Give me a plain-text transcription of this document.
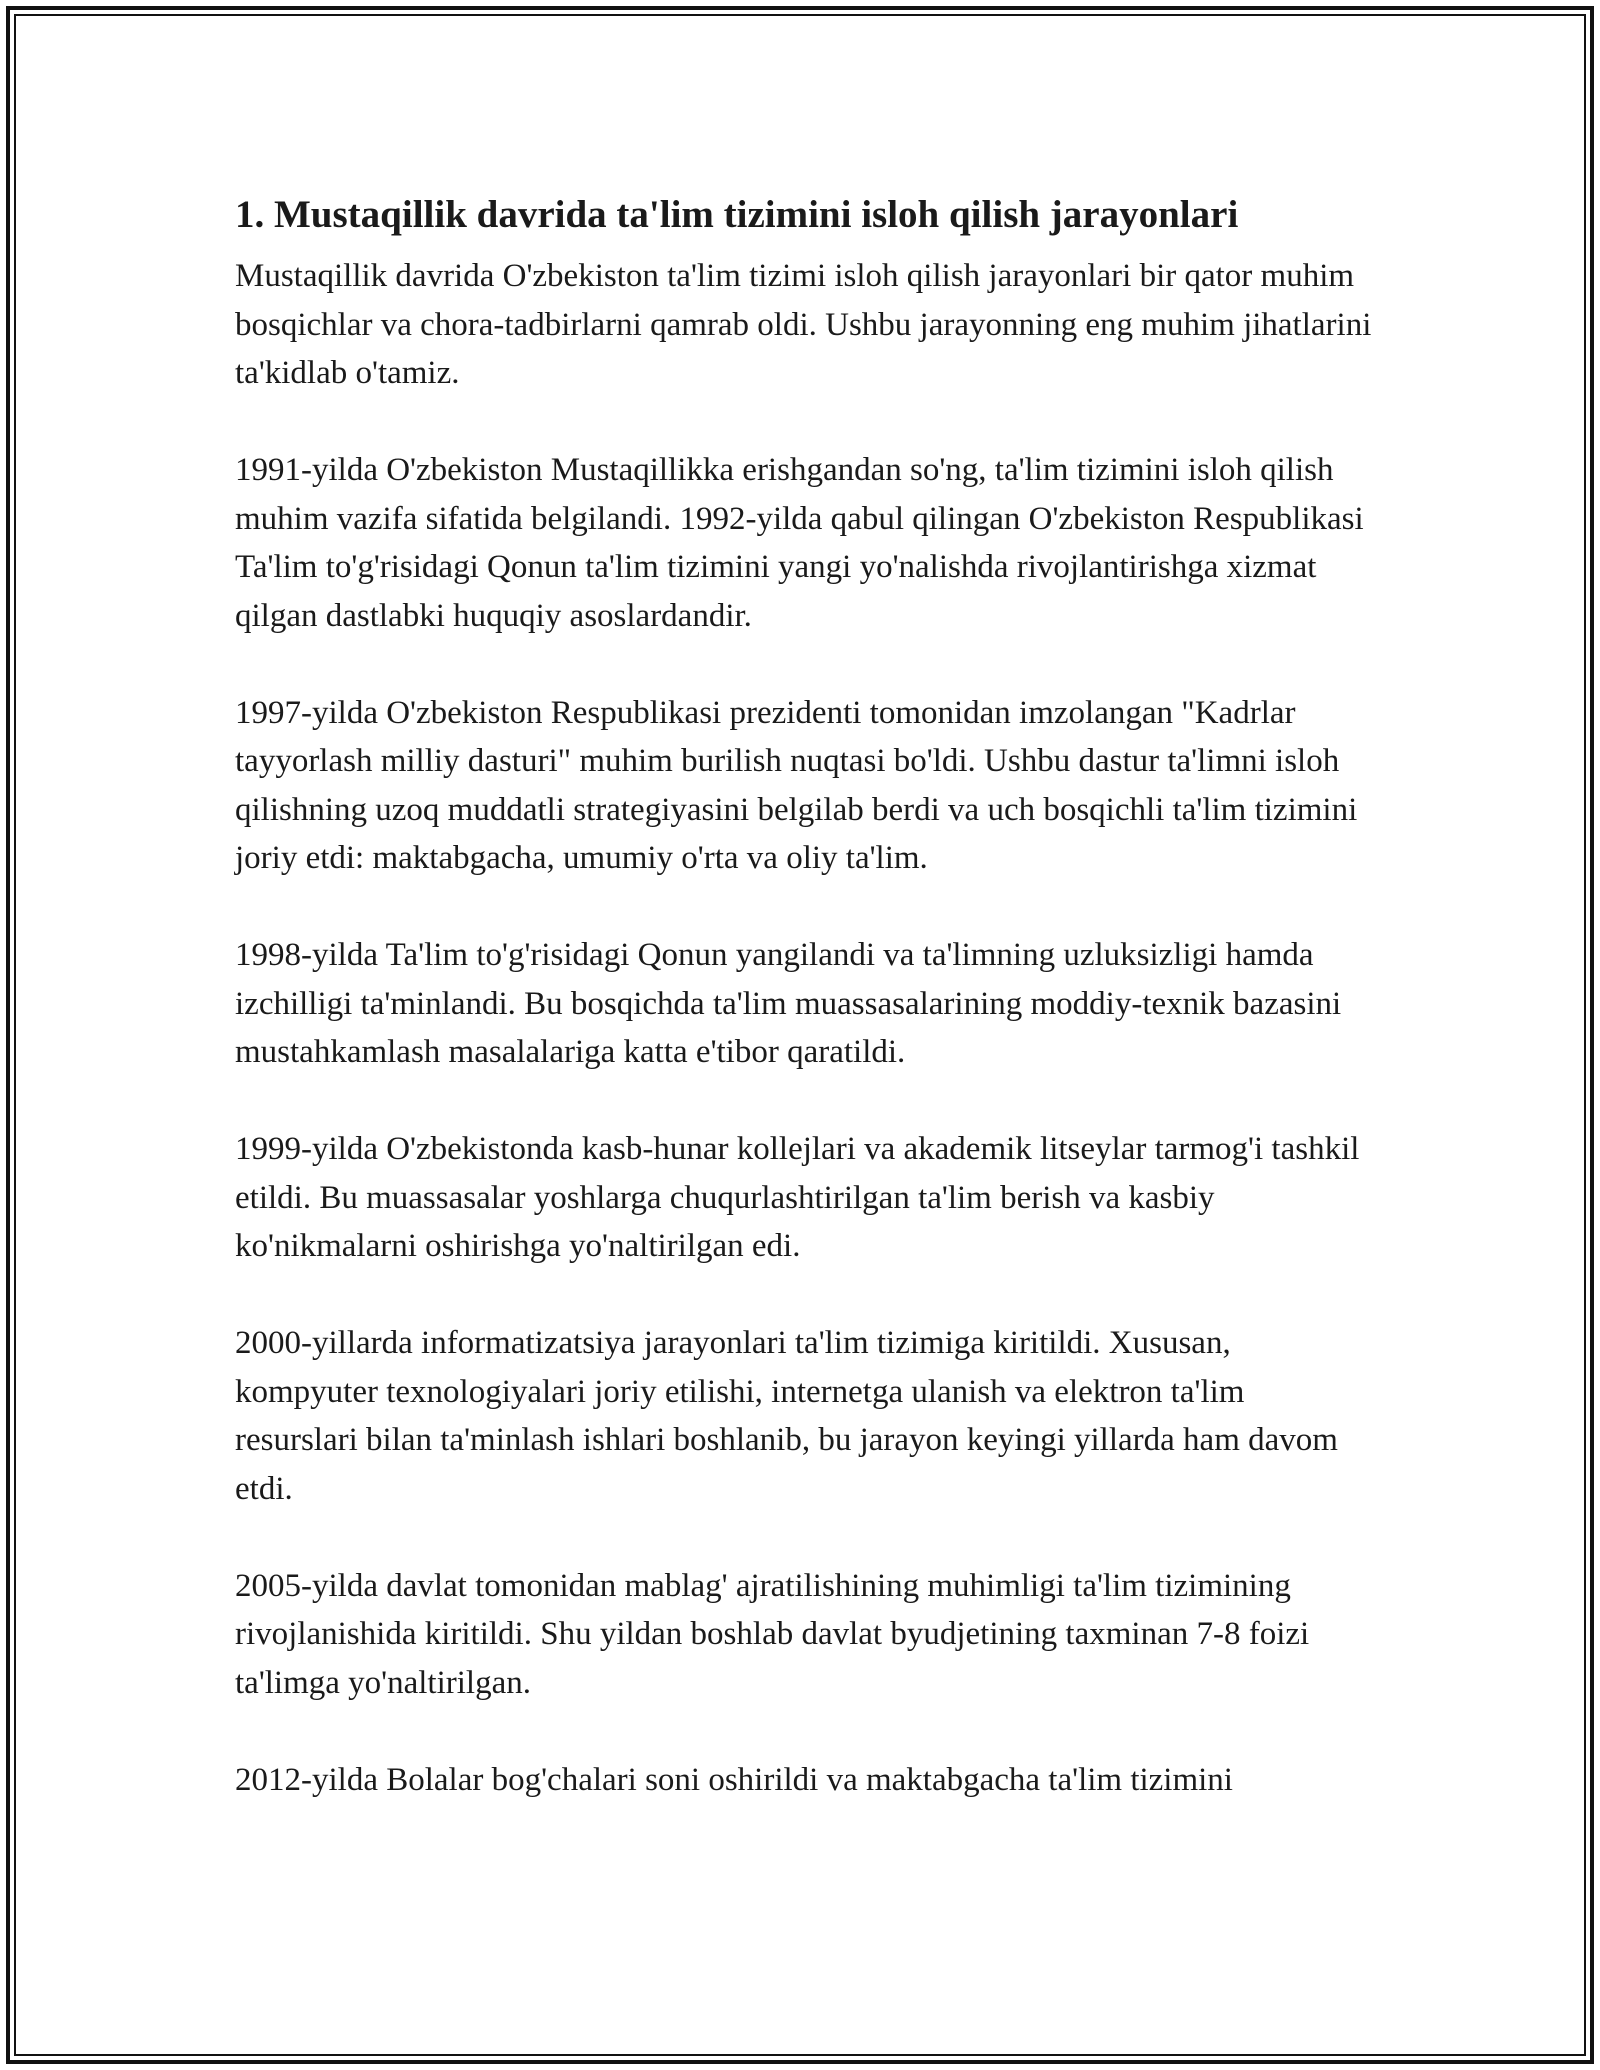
1. Mustaqillik davrida ta'lim tizimini isloh qilish jarayonlari

Mustaqillik davrida O'zbekiston ta'lim tizimi isloh qilish jarayonlari bir qator muhim bosqichlar va chora-tadbirlarni qamrab oldi. Ushbu jarayonning eng muhim jihatlarini ta'kidlab o'tamiz.

1991-yilda O'zbekiston Mustaqillikka erishgandan so'ng, ta'lim tizimini isloh qilish muhim vazifa sifatida belgilandi. 1992-yilda qabul qilingan O'zbekiston Respublikasi Ta'lim to'g'risidagi Qonun ta'lim tizimini yangi yo'nalishda rivojlantirishga xizmat qilgan dastlabki huquqiy asoslardandir.

1997-yilda O'zbekiston Respublikasi prezidenti tomonidan imzolangan "Kadrlar tayyorlash milliy dasturi" muhim burilish nuqtasi bo'ldi. Ushbu dastur ta'limni isloh qilishning uzoq muddatli strategiyasini belgilab berdi va uch bosqichli ta'lim tizimini joriy etdi: maktabgacha, umumiy o'rta va oliy ta'lim.

1998-yilda Ta'lim to'g'risidagi Qonun yangilandi va ta'limning uzluksizligi hamda izchilligi ta'minlandi. Bu bosqichda ta'lim muassasalarining moddiy-texnik bazasini mustahkamlash masalalariga katta e'tibor qaratildi.

1999-yilda O'zbekistonda kasb-hunar kollejlari va akademik litseylar tarmog'i tashkil etildi. Bu muassasalar yoshlarga chuqurlashtirilgan ta'lim berish va kasbiy ko'nikmalarni oshirishga yo'naltirilgan edi.

2000-yillarda informatizatsiya jarayonlari ta'lim tizimiga kiritildi. Xususan, kompyuter texnologiyalari joriy etilishi, internetga ulanish va elektron ta'lim resurslari bilan ta'minlash ishlari boshlanib, bu jarayon keyingi yillarda ham davom etdi.

2005-yilda davlat tomonidan mablag' ajratilishining muhimligi ta'lim tizimining rivojlanishida kiritildi. Shu yildan boshlab davlat byudjetining taxminan 7-8 foizi ta'limga yo'naltirilgan.

2012-yilda Bolalar bog'chalari soni oshirildi va maktabgacha ta'lim tizimini
